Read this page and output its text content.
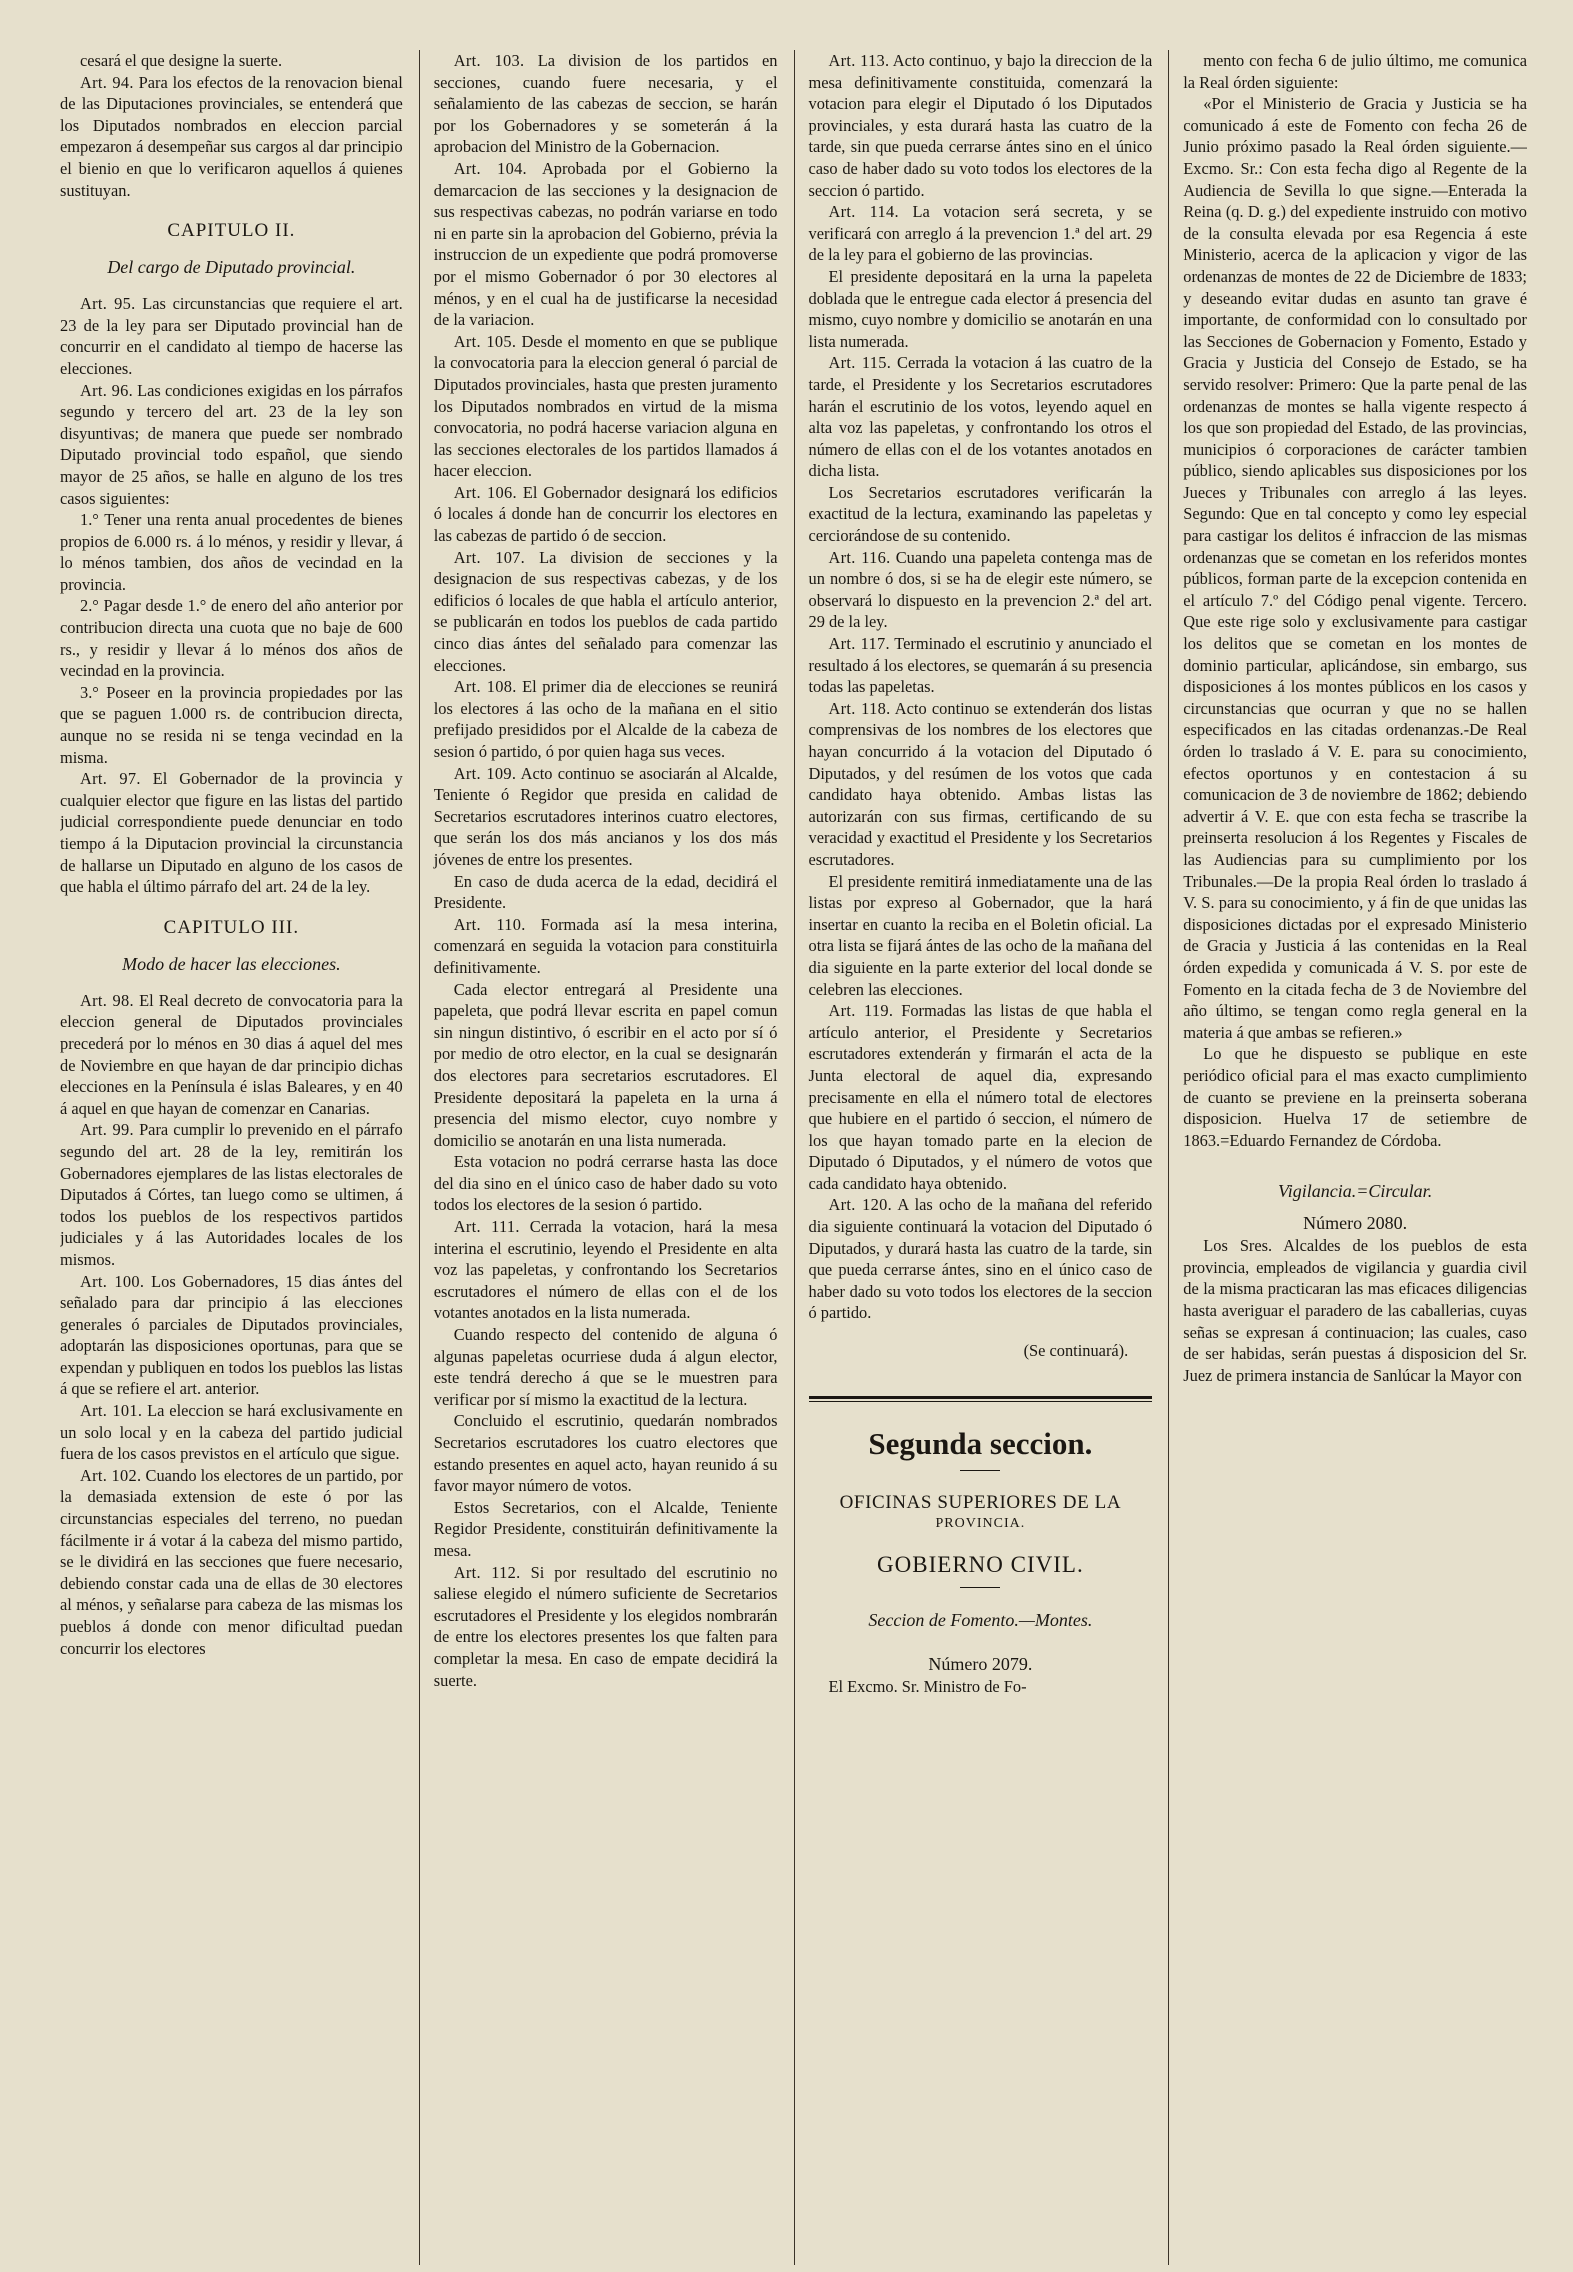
cesará el que designe la suerte.

Art. 94. Para los efectos de la renovacion bienal de las Diputaciones provinciales, se entenderá que los Diputados nombrados en eleccion parcial empezaron á desempeñar sus cargos al dar principio el bienio en que lo verificaron aquellos á quienes sustituyan.

CAPITULO II.
Del cargo de Diputado provincial.

Art. 95. Las circunstancias que requiere el art. 23 de la ley para ser Diputado provincial han de concurrir en el candidato al tiempo de hacerse las elecciones.

Art. 96. Las condiciones exigidas en los párrafos segundo y tercero del art. 23 de la ley son disyuntivas; de manera que puede ser nombrado Diputado provincial todo español, que siendo mayor de 25 años, se halle en alguno de los tres casos siguientes:

1.° Tener una renta anual procedentes de bienes propios de 6.000 rs. á lo ménos, y residir y llevar, á lo ménos tambien, dos años de vecindad en la provincia.

2.° Pagar desde 1.° de enero del año anterior por contribucion directa una cuota que no baje de 600 rs., y residir y llevar á lo ménos dos años de vecindad en la provincia.

3.° Poseer en la provincia propiedades por las que se paguen 1.000 rs. de contribucion directa, aunque no se resida ni se tenga vecindad en la misma.

Art. 97. El Gobernador de la provincia y cualquier elector que figure en las listas del partido judicial correspondiente puede denunciar en todo tiempo á la Diputacion provincial la circunstancia de hallarse un Diputado en alguno de los casos de que habla el último párrafo del art. 24 de la ley.

CAPITULO III.
Modo de hacer las elecciones.

Art. 98. El Real decreto de convocatoria para la eleccion general de Diputados provinciales precederá por lo ménos en 30 dias á aquel del mes de Noviembre en que hayan de dar principio dichas elecciones en la Península é islas Baleares, y en 40 á aquel en que hayan de comenzar en Canarias.

Art. 99. Para cumplir lo prevenido en el párrafo segundo del art. 28 de la ley, remitirán los Gobernadores ejemplares de las listas electorales de Diputados á Córtes, tan luego como se ultimen, á todos los pueblos de los respectivos partidos judiciales y á las Autoridades locales de los mismos.

Art. 100. Los Gobernadores, 15 dias ántes del señalado para dar principio á las elecciones generales ó parciales de Diputados provinciales, adoptarán las disposiciones oportunas, para que se expendan y publiquen en todos los pueblos las listas á que se refiere el art. anterior.

Art. 101. La eleccion se hará exclusivamente en un solo local y en la cabeza del partido judicial fuera de los casos previstos en el artículo que sigue.

Art. 102. Cuando los electores de un partido, por la demasiada extension de este ó por las circunstancias especiales del terreno, no puedan fácilmente ir á votar á la cabeza del mismo partido, se le dividirá en las secciones que fuere necesario, debiendo constar cada una de ellas de 30 electores al ménos, y señalarse para cabeza de las mismas los pueblos á donde con menor dificultad puedan concurrir los electores

Art. 103. La division de los partidos en secciones, cuando fuere necesaria, y el señalamiento de las cabezas de seccion, se harán por los Gobernadores y se someterán á la aprobacion del Ministro de la Gobernacion.

Art. 104. Aprobada por el Gobierno la demarcacion de las secciones y la designacion de sus respectivas cabezas, no podrán variarse en todo ni en parte sin la aprobacion del Gobierno, prévia la instruccion de un expediente que podrá promoverse por el mismo Gobernador ó por 30 electores al ménos, y en el cual ha de justificarse la necesidad de la variacion.

Art. 105. Desde el momento en que se publique la convocatoria para la eleccion general ó parcial de Diputados provinciales, hasta que presten juramento los Diputados nombrados en virtud de la misma convocatoria, no podrá hacerse variacion alguna en las secciones electorales de los partidos llamados á hacer eleccion.

Art. 106. El Gobernador designará los edificios ó locales á donde han de concurrir los electores en las cabezas de partido ó de seccion.

Art. 107. La division de secciones y la designacion de sus respectivas cabezas, y de los edificios ó locales de que habla el artículo anterior, se publicarán en todos los pueblos de cada partido cinco dias ántes del señalado para comenzar las elecciones.

Art. 108. El primer dia de elecciones se reunirá los electores á las ocho de la mañana en el sitio prefijado presididos por el Alcalde de la cabeza de sesion ó partido, ó por quien haga sus veces.

Art. 109. Acto continuo se asociarán al Alcalde, Teniente ó Regidor que presida en calidad de Secretarios escrutadores interinos cuatro electores, que serán los dos más ancianos y los dos más jóvenes de entre los presentes.

En caso de duda acerca de la edad, decidirá el Presidente.

Art. 110. Formada así la mesa interina, comenzará en seguida la votacion para constituirla definitivamente.

Cada elector entregará al Presidente una papeleta, que podrá llevar escrita en papel comun sin ningun distintivo, ó escribir en el acto por sí ó por medio de otro elector, en la cual se designarán dos electores para secretarios escrutadores. El Presidente depositará la papeleta en la urna á presencia del mismo elector, cuyo nombre y domicilio se anotarán en una lista numerada.

Esta votacion no podrá cerrarse hasta las doce del dia sino en el único caso de haber dado su voto todos los electores de la sesion ó partido.

Art. 111. Cerrada la votacion, hará la mesa interina el escrutinio, leyendo el Presidente en alta voz las papeletas, y confrontando los Secretarios escrutadores el número de ellas con el de los votantes anotados en la lista numerada.

Cuando respecto del contenido de alguna ó algunas papeletas ocurriese duda á algun elector, este tendrá derecho á que se le muestren para verificar por sí mismo la exactitud de la lectura.

Concluido el escrutinio, quedarán nombrados Secretarios escrutadores los cuatro electores que estando presentes en aquel acto, hayan reunido á su favor mayor número de votos.

Estos Secretarios, con el Alcalde, Teniente Regidor Presidente, constituirán definitivamente la mesa.

Art. 112. Si por resultado del escrutinio no saliese elegido el número suficiente de Secretarios escrutadores el Presidente y los elegidos nombrarán de entre los electores presentes los que falten para completar la mesa. En caso de empate decidirá la suerte.

Art. 113. Acto continuo, y bajo la direccion de la mesa definitivamente constituida, comenzará la votacion para elegir el Diputado ó los Diputados provinciales, y esta durará hasta las cuatro de la tarde, sin que pueda cerrarse ántes sino en el único caso de haber dado su voto todos los electores de la seccion ó partido.

Art. 114. La votacion será secreta, y se verificará con arreglo á la prevencion 1.ª del art. 29 de la ley para el gobierno de las provincias.

El presidente depositará en la urna la papeleta doblada que le entregue cada elector á presencia del mismo, cuyo nombre y domicilio se anotarán en una lista numerada.

Art. 115. Cerrada la votacion á las cuatro de la tarde, el Presidente y los Secretarios escrutadores harán el escrutinio de los votos, leyendo aquel en alta voz las papeletas, y confrontando los otros el número de ellas con el de los votantes anotados en dicha lista.

Los Secretarios escrutadores verificarán la exactitud de la lectura, examinando las papeletas y cerciorándose de su contenido.

Art. 116. Cuando una papeleta contenga mas de un nombre ó dos, si se ha de elegir este número, se observará lo dispuesto en la prevencion 2.ª del art. 29 de la ley.

Art. 117. Terminado el escrutinio y anunciado el resultado á los electores, se quemarán á su presencia todas las papeletas.

Art. 118. Acto continuo se extenderán dos listas comprensivas de los nombres de los electores que hayan concurrido á la votacion del Diputado ó Diputados, y del resúmen de los votos que cada candidato haya obtenido. Ambas listas las autorizarán con sus firmas, certificando de su veracidad y exactitud el Presidente y los Secretarios escrutadores.

El presidente remitirá inmediatamente una de las listas por expreso al Gobernador, que la hará insertar en cuanto la reciba en el Boletin oficial. La otra lista se fijará ántes de las ocho de la mañana del dia siguiente en la parte exterior del local donde se celebren las elecciones.

Art. 119. Formadas las listas de que habla el artículo anterior, el Presidente y Secretarios escrutadores extenderán y firmarán el acta de la Junta electoral de aquel dia, expresando precisamente en ella el número total de electores que hubiere en el partido ó seccion, el número de los que hayan tomado parte en la elecion de Diputado ó Diputados, y el número de votos que cada candidato haya obtenido.

Art. 120. A las ocho de la mañana del referido dia siguiente continuará la votacion del Diputado ó Diputados, y durará hasta las cuatro de la tarde, sin que pueda cerrarse ántes, sino en el único caso de haber dado su voto todos los electores de la seccion ó partido.

(Se continuará).
Segunda seccion.
OFICINAS SUPERIORES DE LA
PROVINCIA.
GOBIERNO CIVIL.
Seccion de Fomento.—Montes.
Número 2079.

El Excmo. Sr. Ministro de Fo-

mento con fecha 6 de julio último, me comunica la Real órden siguiente:

«Por el Ministerio de Gracia y Justicia se ha comunicado á este de Fomento con fecha 26 de Junio próximo pasado la Real órden siguiente.—Excmo. Sr.: Con esta fecha digo al Regente de la Audiencia de Sevilla lo que signe.—Enterada la Reina (q. D. g.) del expediente instruido con motivo de la consulta elevada por esa Regencia á este Ministerio, acerca de la aplicacion y vigor de las ordenanzas de montes de 22 de Diciembre de 1833; y deseando evitar dudas en asunto tan grave é importante, de conformidad con lo consultado por las Secciones de Gobernacion y Fomento, Estado y Gracia y Justicia del Consejo de Estado, se ha servido resolver: Primero: Que la parte penal de las ordenanzas de montes se halla vigente respecto á los que son propiedad del Estado, de las provincias, municipios ó corporaciones de carácter tambien público, siendo aplicables sus disposiciones por los Jueces y Tribunales con arreglo á las leyes. Segundo: Que en tal concepto y como ley especial para castigar los delitos é infraccion de las mismas ordenanzas que se cometan en los referidos montes públicos, forman parte de la excepcion contenida en el artículo 7.º del Código penal vigente. Tercero. Que este rige solo y exclusivamente para castigar los delitos que se cometan en los montes de dominio particular, aplicándose, sin embargo, sus disposiciones á los montes públicos en los casos y circunstancias que ocurran y que no se hallen especificados en las citadas ordenanzas.-De Real órden lo traslado á V. E. para su conocimiento, efectos oportunos y en contestacion á su comunicacion de 3 de noviembre de 1862; debiendo advertir á V. E. que con esta fecha se trascribe la preinserta resolucion á los Regentes y Fiscales de las Audiencias para su cumplimiento por los Tribunales.—De la propia Real órden lo traslado á V. S. para su conocimiento, y á fin de que unidas las disposiciones dictadas por el expresado Ministerio de Gracia y Justicia á las contenidas en la Real órden expedida y comunicada á V. S. por este de Fomento en la citada fecha de 3 de Noviembre del año último, se tengan como regla general en la materia á que ambas se refieren.»

Lo que he dispuesto se publique en este periódico oficial para el mas exacto cumplimiento de cuanto se previene en la preinserta soberana disposicion. Huelva 17 de setiembre de 1863.=Eduardo Fernandez de Córdoba.

Vigilancia.=Circular.
Número 2080.

Los Sres. Alcaldes de los pueblos de esta provincia, empleados de vigilancia y guardia civil de la misma practicaran las mas eficaces diligencias hasta averiguar el paradero de las caballerias, cuyas señas se expresan á continuacion; las cuales, caso de ser habidas, serán puestas á disposicion del Sr. Juez de primera instancia de Sanlúcar la Mayor con
